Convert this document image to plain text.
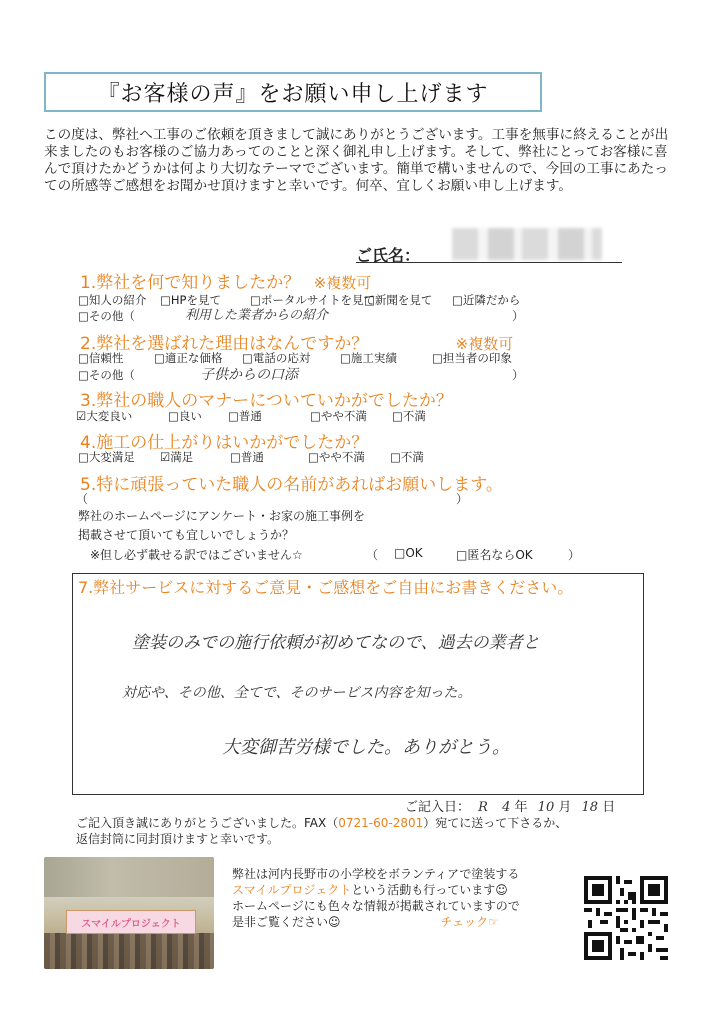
『お客様の声』をお願い申し上げます
この度は、弊社へ工事のご依頼を頂きまして誠にありがとうございます。工事を無事に終えることが出来ましたのもお客様のご協力あってのことと深く御礼申し上げます。そして、弊社にとってお客様に喜んで頂けたかどうかは何より大切なテーマでございます。簡単で構いませんので、今回の工事にあたっての所感等ご感想をお聞かせ頂けますと幸いです。何卒、宜しくお願い申し上げます。
ご氏名：
1.弊社を何で知りましたか？ ※複数可
□知人の紹介 □HPを見て	□ポータルサイトを見て
□新聞を見て □近隣だから
□その他（	利用した業者からの紹介	）
2.弊社を選ばれた理由はなんですか？	※複数可
□信頼性	□適正な価格 □電話の応対	□施工実績	□担当者の印象
□その他（	子供からの口添	）
3.弊社の職人のマナーについていかがでしたか？
☑大変良い	□良い □普通	□やや不満 □不満
4.施工の仕上がりはいかがでしたか？
□大変満足 ☑満足	□普通	□やや不満 □不満
5.特に頑張っていた職人の名前があればお願いします。
（	）
弊社のホームページにアンケート・お家の施工事例を
掲載させて頂いても宜しいでしょうか？
※但し必ず載せる訳ではございません☆	（ □OK	□匿名ならOK	）
7.弊社サービスに対するご意見・ご感想をご自由にお書きください。
塗装のみでの施行依頼が初めてなので、過去の業者と
対応や、その他、全てで、そのサービス内容を知った。
大変御苦労様でした。ありがとう。
ご記入日： R 4 年 10 月 18 日
ご記入頂き誠にありがとうございました。FAX（0721-60-2801）宛てに送って下さるか、
返信封筒に同封頂けますと幸いです。
スマイルプロジェクト
弊社は河内長野市の小学校をボランティアで塗装する
スマイルプロジェクトという活動も行っています☺
ホームページにも色々な情報が掲載されていますので
是非ご覧ください☺	チェック☞
